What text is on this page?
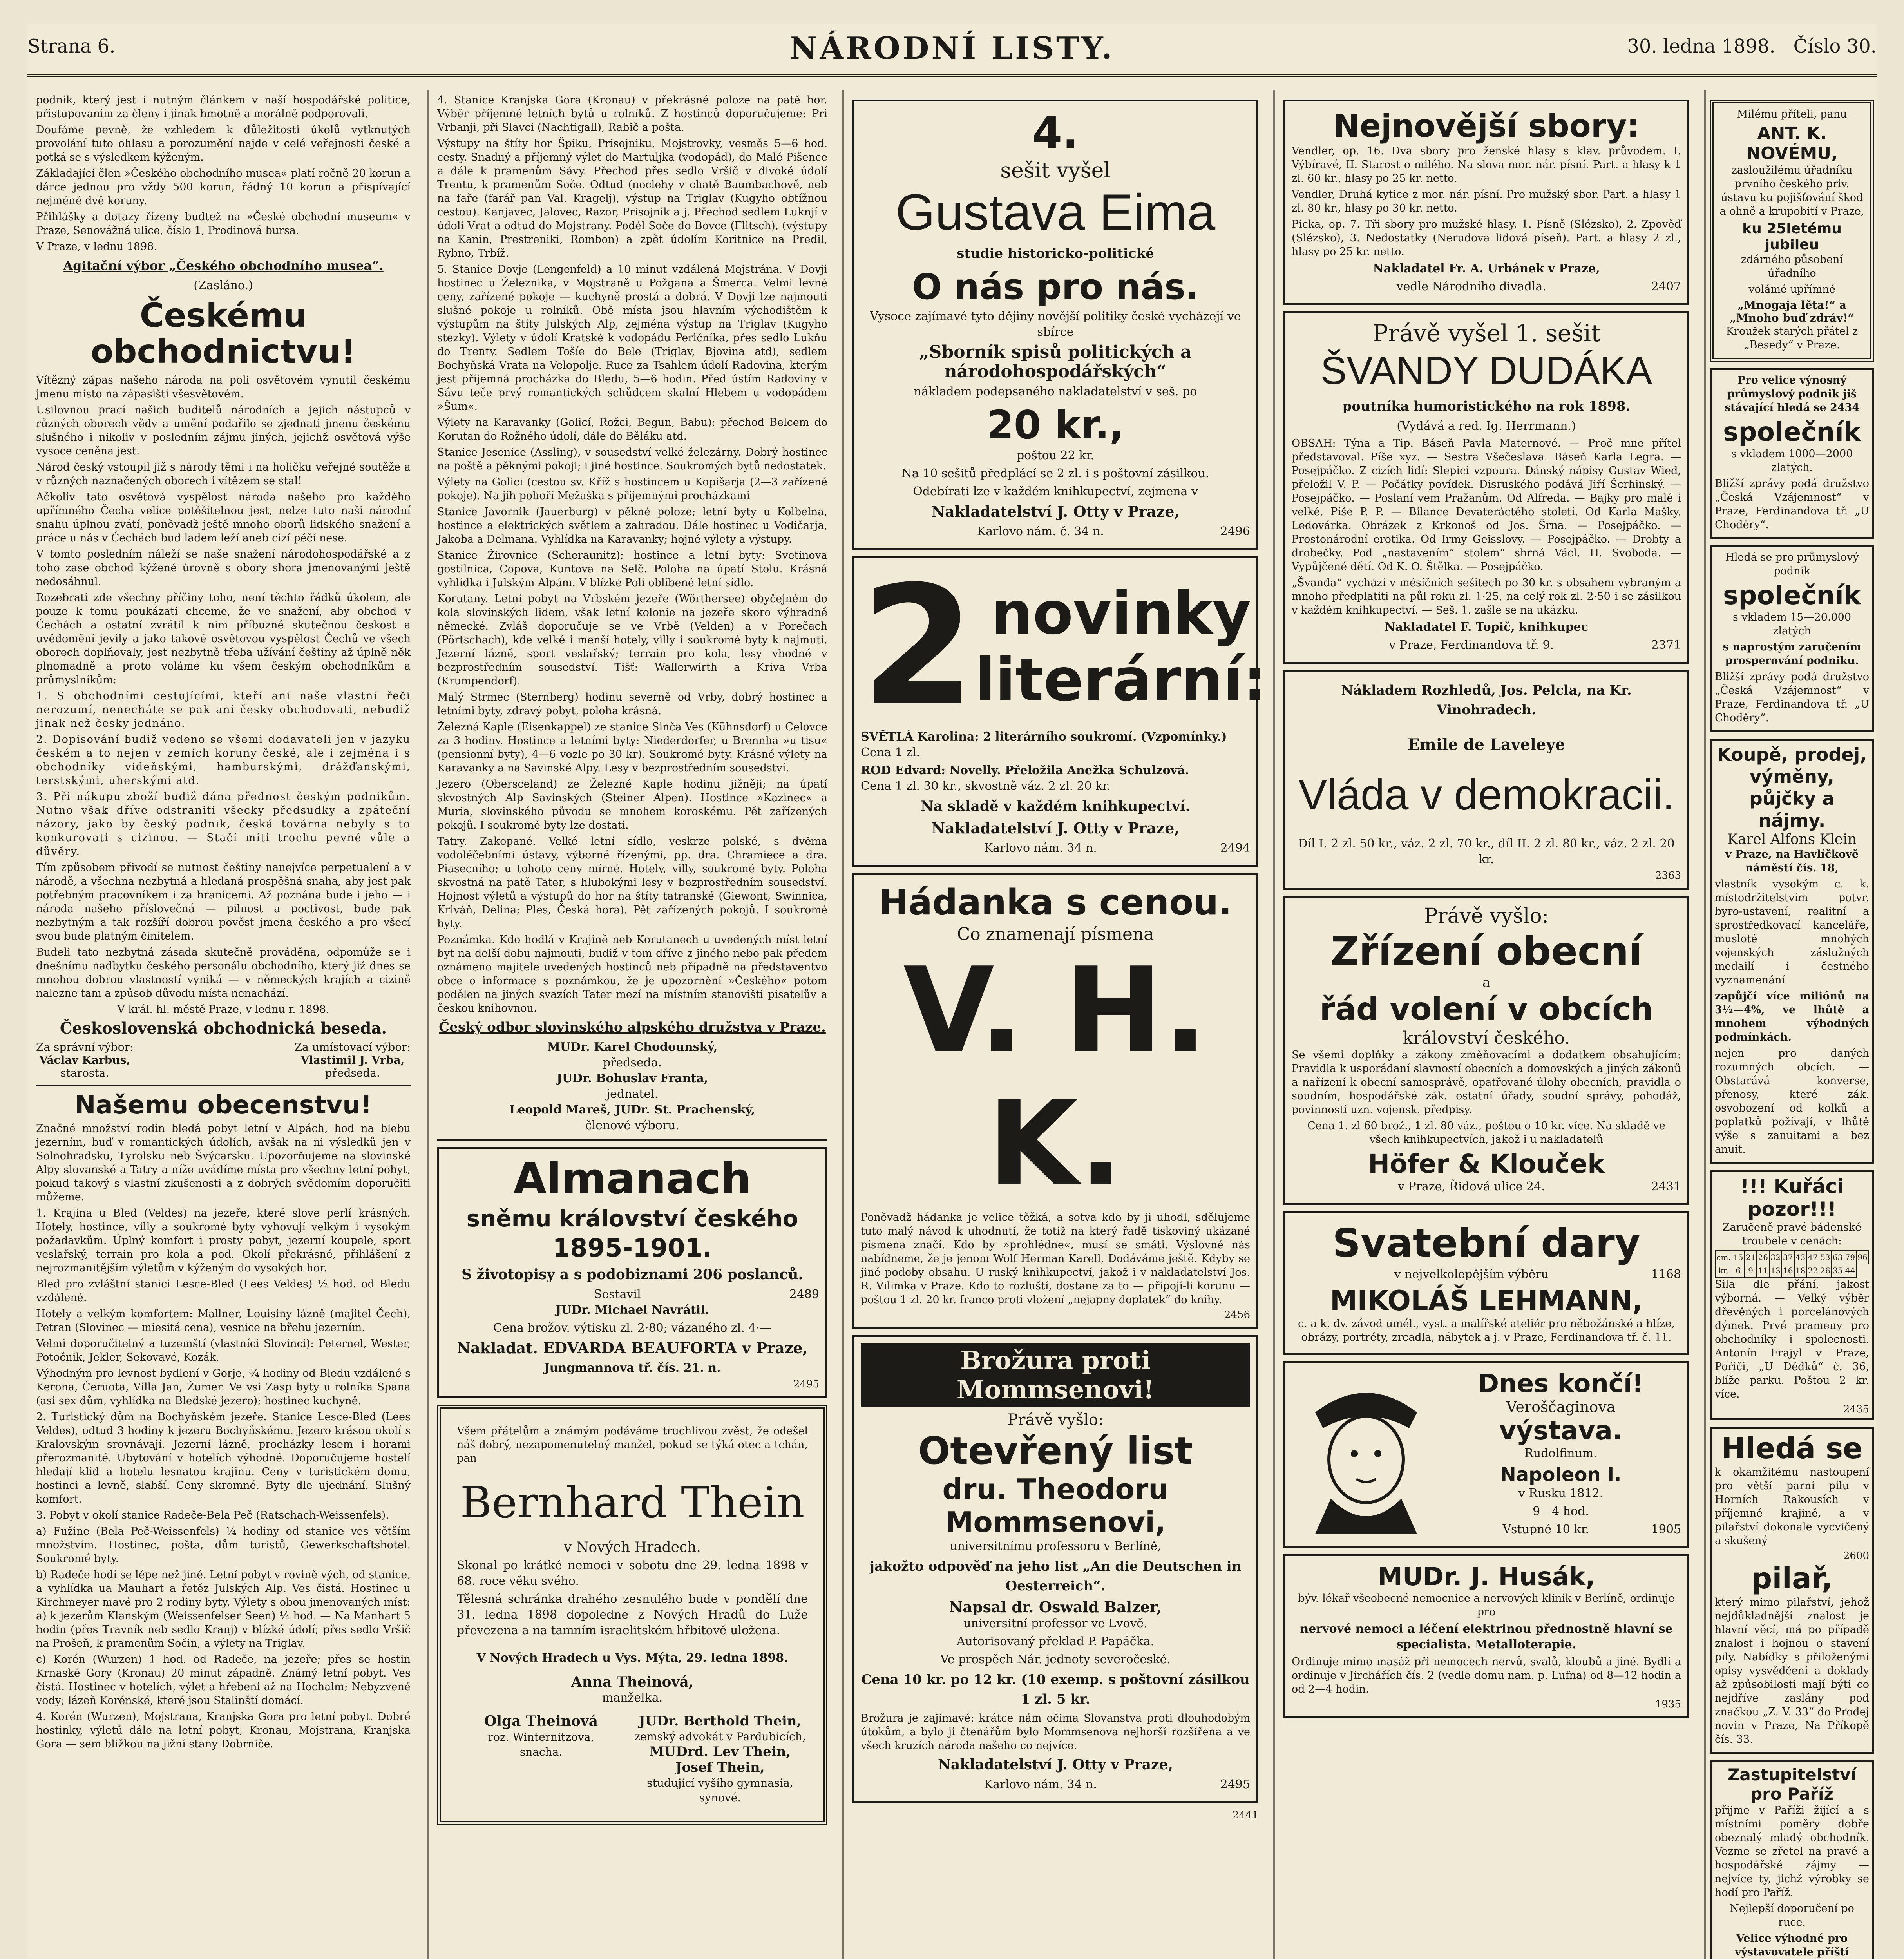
Strana 6.	NÁRODNÍ LISTY.	30. ledna 1898. Číslo 30.

podnik, který jest i nutným článkem v naší hospodářské politice, přistupovanim za členy i jinak hmotně a morálně podporovali.

Doufáme pevně, že vzhledem k důležitosti úkolů vytknutých provolání tuto ohlasu a porozumění najde v celé veřejnosti české a potká se s výsledkem kýženým.

Základající člen »Českého obchodního musea« platí ročně 20 korun a dárce jednou pro vždy 500 korun, řádný 10 korun a přispívající nejméně dvě koruny.

Přihlášky a dotazy řízeny budtež na »České obchodní museum« v Praze, Senovážná ulice, číslo 1, Prodinová bursa.

V Praze, v lednu 1898.

Agitační výbor „Českého obchodního musea“.
(Zasláno.)
Českému obchodnictvu!

Vítězný zápas našeho národa na poli osvětovém vynutil českému jmenu místo na zápasišti všesvětovém.

Usilovnou prací našich buditelů národních a jejich nástupců v různých oborech vědy a umění podařilo se zjednati jmenu českému slušného i nikoliv v posledním zájmu jiných, jejichž osvětová výše vysoce ceněna jest.

Národ český vstoupil již s národy těmi i na holičku veřejné soutěže a v různých naznačených oborech i vítězem se stal!

Ačkoliv tato osvětová vyspělost národa našeho pro každého upřímného Čecha velice potěšitelnou jest, nelze tuto naši národní snahu úplnou zvátí, poněvadž ještě mnoho oborů lidského snažení a práce u nás v Čechách bud ladem leží aneb cizí péčí nese.

V tomto posledním náleží se naše snažení národohospodářské a z toho zase obchod kýžené úrovně s obory shora jmenovanými ještě nedosáhnul.

Rozebrati zde všechny příčiny toho, není těchto řádků úkolem, ale pouze k tomu poukázati chceme, že ve snažení, aby obchod v Čechách a ostatní zvrátil k nim příbuzné skutečnou českost a uvědomění jevily a jako takové osvětovou vyspělost Čechů ve všech oborech doplňovaly, jest nezbytně třeba užívání češtiny až úplně něk plnomadně a proto voláme ku všem českým obchodníkům a průmyslníkům:

1. S obchodními cestujícími, kteří ani naše vlastní řeči nerozumí, nenecháte se pak ani česky obchodovati, nebudiž jinak než česky jednáno.

2. Dopisování budiž vedeno se všemi dodavateli jen v jazyku českém a to nejen v zemích koruny české, ale i zejména i s obchodníky vídeňskými, hamburskými, drážďanskými, terstskými, uherskými atd.

3. Při nákupu zboží budiž dána přednost českým podnikům. Nutno však dříve odstraniti všecky předsudky a zpáteční názory, jako by český podnik, česká továrna nebyly s to konkurovati s cizinou. — Stačí míti trochu pevné vůle a důvěry.

Tím způsobem přivodí se nutnost češtiny nanejvíce perpetualení a v národě, a všechna nezbytná a hledaná prospěšná snaha, aby jest pak potřebným pracovníkem i za hranicemi. Až poznána bude i jeho — i národa našeho příslovečná — pilnost a poctivost, bude pak nezbytným a tak rozšíří dobrou pověst jmena českého a pro všecí svou bude platným činitelem.

Budeli tato nezbytná zásada skutečně prováděna, odpomůže se i dnešnímu nadbytku českého personálu obchodního, který již dnes se mnohou dobrou vlastností vyniká — v německých krajích a cizině nalezne tam a způsob důvodu místa nenachází.

V král. hl. městě Praze, v lednu r. 1898.

Československá obchodnická beseda.
Za správní výbor:
Václav Karbus,
starosta.
Za umístovací výbor:
Vlastimil J. Vrba,
předseda.
Našemu obecenstvu!

Značné množství rodin bledá pobyt letní v Alpách, hod na blebu jezerním, buď v romantických údolích, avšak na ni výsledků jen v Solnohradsku, Tyrolsku neb Švýcarsku. Upozorňujeme na slovinské Alpy slovanské a Tatry a níže uvádíme místa pro všechny letní pobyt, pokud takový s vlastní zkušenosti a z dobrých svědomím doporučiti můžeme.

1. Krajina u Bled (Veldes) na jezeře, které slove perlí krásných. Hotely, hostince, villy a soukromé byty vyhovují velkým i vysokým požadavkům. Úplný komfort i prosty pobyt, jezerní koupele, sport veslařský, terrain pro kola a pod. Okolí překrásné, přihlášení z nejrozmanitějším výletům v kýženým do vysokých hor.

Bled pro zvláštní stanici Lesce-Bled (Lees Veldes) ½ hod. od Bledu vzdálené.

Hotely a velkým komfortem: Mallner, Louisiny lázně (majitel Čech), Petran (Slovinec — miesitá cena), vesnice na břehu jezerním.

Velmi doporučitelný a tuzemští (vlastníci Slovinci): Peternel, Wester, Potočnik, Jekler, Sekovavé, Kozák.

Výhodným pro levnost bydlení v Gorje, ¾ hodiny od Bledu vzdálené s Kerona, Čeruota, Villa Jan, Žumer. Ve vsi Zasp byty u rolníka Spana (asi sex dům, vyhlídka na Bledské jezero); hostinec kuchyně.

2. Turistický dům na Bochyňském jezeře. Stanice Lesce-Bled (Lees Veldes), odtud 3 hodiny k jezeru Bochyňskému. Jezero krásou okolí s Kralovským srovnávají. Jezerní lázně, procházky lesem i horami přerozmanité. Ubytování v hotelích výhodné. Doporučujeme hostelí hledají klid a hotelu lesnatou krajinu. Ceny v turistickém domu, hostinci a levně, slabší. Ceny skromné. Byty dle ujednání. Slušný komfort.

3. Pobyt v okolí stanice Radeče-Bela Peč (Ratschach-Weissenfels).

a) Fužine (Bela Peč-Weissenfels) ¼ hodiny od stanice ves větším množstvím. Hostinec, pošta, dům turistů, Gewerkschaftshotel. Soukromé byty.

b) Radeče hodí se lépe než jiné. Letní pobyt v rovině vých, od stanice, a vyhlídka ua Mauhart a řetěz Julských Alp. Ves čistá. Hostinec u Kirchmeyer mavé pro 2 rodiny byty. Výlety s obou jmenovaných míst: a) k jezerům Klanským (Weissenfelser Seen) ¼ hod. — Na Manhart 5 hodin (přes Travník neb sedlo Kranj) v blízké údolí; přes sedlo Vršič na Prošeň, k pramenům Sočin, a výlety na Triglav.

c) Korén (Wurzen) 1 hod. od Radeče, na jezeře; přes se hostin Krnaské Gory (Kronau) 20 minut západně. Známý letní pobyt. Ves čistá. Hostinec v hotelích, výlet a hřebeni až na Hochalm; Nebyzvené vody; lázeň Korénské, které jsou Stalinští domácí.

4. Korén (Wurzen), Mojstrana, Kranjska Gora pro letní pobyt. Dobré hostinky, výletů dále na letní pobyt, Kronau, Mojstrana, Kranjska Gora — sem bližkou na jižní stany Dobrniče.

4. Stanice Kranjska Gora (Kronau) v překrásné poloze na patě hor. Výběr příjemné letních bytů u rolníků. Z hostinců doporučujeme: Pri Vrbanji, při Slavci (Nachtigall), Rabič a pošta.

Výstupy na štíty hor Špiku, Prisojniku, Mojstrovky, vesměs 5—6 hod. cesty. Snadný a příjemný výlet do Martuljka (vodopád), do Malé Pišence a dále k pramenům Sávy. Přechod přes sedlo Vršič v divoké údolí Trentu, k pramenům Soče. Odtud (noclehy v chatě Baumbachově, neb na faře (farář pan Val. Kragelj), výstup na Triglav (Kugyho obtížnou cestou). Kanjavec, Jalovec, Razor, Prisojnik a j. Přechod sedlem Luknjí v údolí Vrat a odtud do Mojstrany. Podél Soče do Bovce (Flitsch), (výstupy na Kanin, Prestreniki, Rombon) a zpět údolím Koritnice na Predil, Rybno, Trbíž.

5. Stanice Dovje (Lengenfeld) a 10 minut vzdálená Mojstrána. V Dovji hostinec u Železnika, v Mojstraně u Požgana a Šmerca. Velmi levné ceny, zařízené pokoje — kuchyně prostá a dobrá. V Dovji lze najmouti slušné pokoje u rolníků. Obě místa jsou hlavním východištěm k výstupům na štíty Julských Alp, zejména výstup na Triglav (Kugyho stezky). Výlety v údolí Kratské k vodopádu Peričníka, přes sedlo Lukňu do Trenty. Sedlem Tošíe do Bele (Triglav, Bjovina atd), sedlem Bochyňská Vrata na Velopolje. Ruce za Tsahlem údolí Radovina, kterým jest příjemná procházka do Bledu, 5—6 hodin. Před ústím Radoviny v Sávu teče prvý romantických schůdcem skalní Hlebem u vodopádem »Šum«.

Výlety na Karavanky (Golicí, Rožci, Begun, Babu); přechod Belcem do Korutan do Rožného údolí, dále do Běláku atd.

Stanice Jesenice (Assling), v sousedství velké železárny. Dobrý hostinec na poště a pěknými pokoji; i jiné hostince. Soukromých bytů nedostatek.

Výlety na Golici (cestou sv. Kříž s hostincem u Kopišarja (2—3 zařízené pokoje). Na jih pohoří Mežaška s příjemnými procházkami

Stanice Javornik (Jauerburg) v pěkné poloze; letní byty u Kolbelna, hostince a elektrických světlem a zahradou. Dále hostinec u Vodičarja, Jakoba a Delmana. Vyhlídka na Karavanky; hojné výlety a výstupy.

Stanice Žirovnice (Scheraunitz); hostince a letní byty: Svetinova gostilnica, Copova, Kuntova na Selč. Poloha na úpatí Stolu. Krásná vyhlídka i Julským Alpám. V blízké Poli oblíbené letní sídlo.

Korutany. Letní pobyt na Vrbském jezeře (Wörthersee) obyčejném do kola slovinských lidem, však letní kolonie na jezeře skoro výhradně německé. Zvláš doporučuje se ve Vrbě (Velden) a v Porečach (Pörtschach), kde velké i menší hotely, villy i soukromé byty k najmutí. Jezerní lázně, sport veslařský; terrain pro kola, lesy vhodné v bezprostředním sousedství. Tišť: Wallerwirth a Kriva Vrba (Krumpendorf).

Malý Strmec (Sternberg) hodinu severně od Vrby, dobrý hostinec a letními byty, zdravý pobyt, poloha krásná.

Železná Kaple (Eisenkappel) ze stanice Sinča Ves (Kühnsdorf) u Celovce za 3 hodiny. Hostince a letními byty: Niederdorfer, u Brennha »u tisu« (pensionní byty), 4—6 vozle po 30 kr). Soukromé byty. Krásné výlety na Karavanky a na Savinské Alpy. Lesy v bezprostředním sousedství.

Jezero (Obersceland) ze Železné Kaple hodinu jižněji; na úpatí skvostných Alp Savinských (Steiner Alpen). Hostince »Kazinec« a Muria, slovinského původu se mnohem koroskému. Pět zařízených pokojů. I soukromé byty lze dostati.

Tatry. Zakopané. Velké letní sídlo, veskrze polské, s dvěma vodoléčebními ústavy, výborné řízenými, pp. dra. Chramiece a dra. Piasecního; u tohoto ceny mírné. Hotely, villy, soukromé byty. Poloha skvostná na patě Tater, s hlubokými lesy v bezprostředním sousedství. Hojnost výletů a výstupů do hor na štíty tatranské (Giewont, Swinnica, Kriváň, Delina; Ples, Česká hora). Pět zařízených pokojů. I soukromé byty.

Poznámka. Kdo hodlá v Krajině neb Korutanech u uvedených míst letní byt na delší dobu najmouti, budiž v tom dříve z jiného nebo pak předem oznámeno majitele uvedených hostinců neb případně na představentvo obce o informace s poznámkou, že je upozornění »Českého« potom podělen na jiných svazích Tater mezí na místním stanovišti pisatelův a českou knihovnou.

Český odbor slovinského alpského družstva v Praze.
MUDr. Karel Chodounský,
předseda.
JUDr. Bohuslav Franta,
jednatel.
Leopold Mareš, JUDr. St. Prachenský,
členové výboru.
Almanach
sněmu království českého
1895-1901.
S životopisy a s podobiznami 206 poslanců.
Sestavil	2489

JUDr. Michael Navrátil.
Cena brožov. výtisku zl. 2·80; vázaného zl. 4·—
Nakladat. EDVARDA BEAUFORTA v Praze,
Jungmannova tř. čís. 21. n.
2495

Všem přátelům a známým podáváme truchlivou zvěst, že odešel náš dobrý, nezapomenutelný manžel, pokud se týká otec a tchán, pan

Bernhard Thein
v Nových Hradech.

Skonal po krátké nemoci v sobotu dne 29. ledna 1898 v 68. roce věku svého.

Tělesná schránka drahého zesnulého bude v pondělí dne 31. ledna 1898 dopoledne z Nových Hradů do Luže převezena a na tamním israelitském hřbitově uložena.

V Nových Hradech u Vys. Mýta, 29. ledna 1898.
Anna Theinová,
manželka.
Olga Theinová
roz. Winternitzova,
snacha.
JUDr. Berthold Thein,
zemský advokát v Pardubicích,
MUDrd. Lev Thein,
Josef Thein,
studující vyšího gymnasia,
synové.
4.
sešit vyšel
Gustava Eima
studie historicko-politické
O nás pro nás.

Vysoce zajímavé tyto dějiny novější politiky české vycházejí ve sbírce

„Sborník spisů politických a národohospodářských“

nákladem podepsaného nakladatelství v seš. po

20 kr.,
poštou 22 kr.

Na 10 sešitů předplácí se 2 zl. i s poštovní zásilkou.

Odebírati lze v každém knihkupectví, zejmena v

Nakladatelství J. Otty v Praze,
Karlovo nám. č. 34 n.	2496
2 novinky
literární:

SVĚTLÁ Karolina: 2 literárního soukromí. (Vzpomínky.)
Cena 1 zl.

ROD Edvard: Novelly. Přeložila Anežka Schulzová.
Cena 1 zl. 30 kr., skvostně váz. 2 zl. 20 kr.

Na skladě v každém knihkupectví.
Nakladatelství J. Otty v Praze,
Karlovo nám. 34 n.	2494
Hádanka s cenou.
Co znamenají písmena
V. H. K.

Poněvadž hádanka je velice těžká, a sotva kdo by ji uhodl, sdělujeme tuto malý návod k uhodnutí, že totiž na který řadě tiskoviný ukázané písmena značí. Kdo by »prohlédne«, musí se smáti. Výslovné nás nabídneme, že je jenom Wolf Herman Karell, Dodáváme ještě. Kdyby se jiné podoby obsahu. U ruský knihkupectví, jakož i v nakladatelství Jos. R. Vilimka v Praze. Kdo to rozluští, dostane za to — připojí-li korunu — poštou 1 zl. 20 kr. franco proti vložení „nejapný doplatek“ do knihy.

2456
Brožura proti Mommsenovi!
Právě vyšlo:
Otevřený list
dru. Theodoru Mommsenovi,
universitnímu professoru v Berlíně,
jakožto odpověď na jeho list „An die Deutschen in Oesterreich“.
Napsal dr. Oswald Balzer,
universitní professor ve Lvově.
Autorisovaný překlad P. Papáčka.
Ve prospěch Nár. jednoty severočeské.
Cena 10 kr. po 12 kr. (10 exemp. s poštovní zásilkou 1 zl. 5 kr.

Brožura je zajímavé: krátce nám očima Slovanstva proti dlouhodobým útokům, a bylo ji čtenářům bylo Mommsenova nejhorší rozšířena a ve všech kruzích národa našeho co nejvíce.

Nakladatelství J. Otty v Praze,
Karlovo nám. 34 n.	2495
2441
Nejnovější sbory:

Vendler, op. 16. Dva sbory pro ženské hlasy s klav. průvodem. I. Výbíravé, II. Starost o milého. Na slova mor. nár. písní. Part. a hlasy k 1 zl. 60 kr., hlasy po 25 kr. netto.

Vendler, Druhá kytice z mor. nár. písní. Pro mužský sbor. Part. a hlasy 1 zl. 80 kr., hlasy po 30 kr. netto.

Picka, op. 7. Tři sbory pro mužské hlasy. 1. Písně (Slézsko), 2. Zpověď (Slézsko), 3. Nedostatky (Nerudova lidová píseň). Part. a hlasy 2 zl., hlasy po 25 kr. netto.

Nakladatel Fr. A. Urbánek v Praze,
vedle Národního divadla.	2407
Právě vyšel 1. sešit
ŠVANDY DUDÁKA
poutníka humoristického na rok 1898.
(Vydává a red. Ig. Herrmann.)

OBSAH: Týna a Tip. Báseň Pavla Maternové. — Proč mne přítel představoval. Píše xyz. — Sestra Všečeslava. Báseň Karla Legra. — Posejpáčko. Z cizích lidí: Slepici vzpoura. Dánský nápisy Gustav Wied, přeložil V. P. — Počátky povídek. Disruského podává Jiří Šcrhinský. — Posejpáčko. — Poslaní vem Pražanům. Od Alfreda. — Bajky pro malé i velké. Píše P. P. — Bilance Devateráctého století. Od Karla Mašky. Ledovárka. Obrázek z Krkonoš od Jos. Šrna. — Posejpáčko. — Prostonárodní erotika. Od Irmy Geisslovy. — Posejpáčko. — Drobty a drobečky. Pod „nastavením“ stolem“ shrná Václ. H. Svoboda. — Vypůjčené dětí. Od K. O. Štělka. — Posejpáčko.

„Švanda“ vychází v měsíčních sešitech po 30 kr. s obsahem vybraným a mnoho předplatiti na půl roku zl. 1·25, na celý rok zl. 2·50 i se zásilkou v každém knihkupectví. — Seš. 1. zašle se na ukázku.

Nakladatel F. Topič, knihkupec
v Praze, Ferdinandova tř. 9.	2371
Nákladem Rozhledů, Jos. Pelcla, na Kr. Vinohradech.
Emile de Laveleye
Vláda v demokracii.

Díl I. 2 zl. 50 kr., váz. 2 zl. 70 kr., díl II. 2 zl. 80 kr., váz. 2 zl. 20 kr.

2363
Právě vyšlo:
Zřízení obecní
a
řád volení v obcích
království českého.

Se všemi doplňky a zákony změňovacími a dodatkem obsahujícím: Pravidla k usporádaní slavností obecních a domovských a jiných zákonů a nařízení k obecní samosprávě, opatřované úlohy obecních, pravidla o soudním, hospodářské zák. ostatní úřady, soudní správy, pohodáž, povinnosti uzn. vojensk. předpisy.

Cena 1. zl 60 brož., 1 zl. 80 váz., poštou o 10 kr. více. Na skladě ve všech knihkupectvích, jakož i u nakladatelů

Höfer & Klouček
v Praze, Řidová ulice 24.	2431
Svatební dary
v nejvelkolepějším výběru	1168
MIKOLÁŠ LEHMANN,

c. a k. dv. závod umél., vyst. a malířské ateliér pro něbožánské a hlíze, obrázy, portréty, zrcadla, nábytek a j. v Praze, Ferdinandova tř. č. 11.

Dnes končí!
Veroščaginova
výstava.
Rudolfinum.
Napoleon I.
v Rusku 1812.
9—4 hod.
Vstupné 10 kr.	1905
MUDr. J. Husák,

býv. lékař všeobecné nemocnice a nervových klinik v Berlíně, ordinuje pro

nervové nemoci a léčení elektrinou přednostně hlavní se specialista. Metalloterapie.

Ordinuje mimo masáž při nemocech nervů, svalů, kloubů a jiné. Bydlí a ordinuje v Jirchářích čís. 2 (vedle domu nam. p. Lufna) od 8—12 hodin a od 2—4 hodin.

1935
Milému příteli, panu
ANT. K. NOVÉMU,

zasloužilému úřadníku prvního českého priv. ústavu ku pojišťování škod a ohně a krupobití v Praze,

ku 25letému jubileu
zdárného působení úřadního
volámé upřímné
„Mnogaja lěta!“ a „Mnoho buď zdráv!“
Kroužek starých přátel z „Besedy“ v Praze.

Pro velice výnosný průmyslový podnik jiš stávající hledá se 2434

společník
s vkladem 1000—2000 zlatých.

Bližší zprávy podá družstvo „Česká Vzájemnost“ v Praze, Ferdinandova tř. „U Choděry“.

Hledá se pro průmyslový podnik
společník
s vkladem 15—20.000 zlatých
s naprostým zaručením prosperování podniku.

Bližší zprávy podá družstvo „Česká Vzájemnost“ v Praze, Ferdinandova tř. „U Choděry“.

Koupě, prodej, výměny, půjčky a nájmy.
Karel Alfons Klein
v Praze, na Havlíčkově náměstí čís. 18,

vlastník vysokým c. k. místodržitelstvím potvr. byro-ustavení, realitní a sprostředkovací kanceláře, musloté mnohých vojenských záslužných medailí i čestného vyznamenání

zapůjčí více miliónů na 3½—4%, ve lhůtě a mnohem výhodných podmínkách.

nejen pro daných rozumných obcích. — Obstarává konverse, přenosy, které zák. osvobození od kolků a poplatků požívají, v lhůtě výše s zanuitami a bez anuit.

!!! Kuřáci pozor!!!
Zaručeně pravé bádenské troubele v cenách:
cm.	15	21	26	32	37	43	47	53	63	79	96
kr.	6	9	11	13	16	18	22	26	35	44	

Sila dle přání, jakost výborná. — Velký výběr dřevěných i porcelánových dýmek. Prvé prameny pro obchodníky i spolecnosti. Antonín Frajyl v Praze, Pořiči, „U Dědků“ č. 36, blíže parku. Poštou 2 kr. více.

2435
Hledá se

k okamžitému nastoupení pro větší parní pilu v Horních Rakousích v příjemné krajině, a v pilařství dokonale vycvičený a skušený

2600
pilař,

který mimo pilařství, jehož nejdůkladnější znalost je hlavní věcí, má po případě znalost i hojnou o stavení pily. Nabídky s přiloženými opisy vysvědčení a doklady až způsobilosti mají býti co nejdříve zaslány pod značkou „Z. V. 33“ do Prodej novin v Praze, Na Příkopě čís. 33.

Zastupitelství pro Paříž

přijme v Paříži žijící a s místními poměry dobře obeznalý mladý obchodník. Vezme se zřetel na pravé a hospodářské zájmy — nejvíce ty, jichž výrobky se hodí pro Paříž.

Nejlepší doporučení po ruce.
Velice výhodné pro výstavovatele příští
